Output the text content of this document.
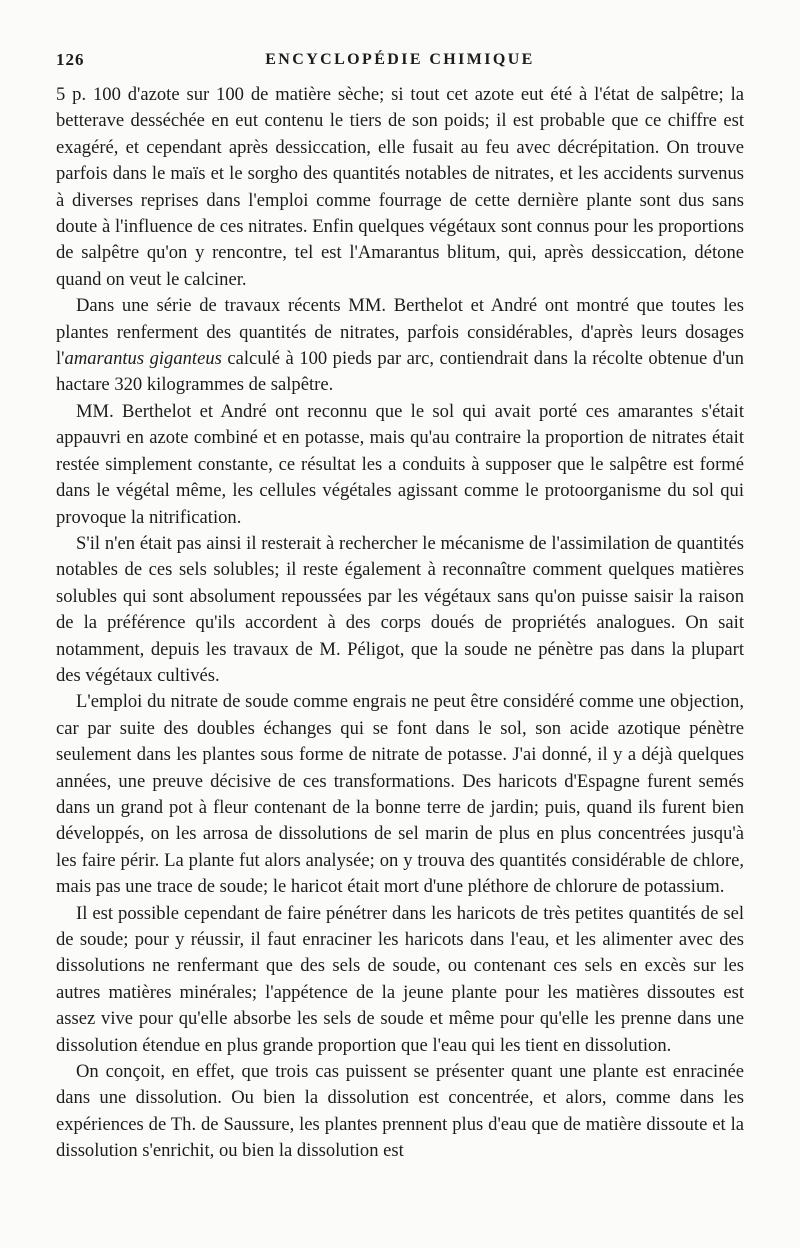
126	ENCYCLOPÉDIE CHIMIQUE

5 p. 100 d'azote sur 100 de matière sèche; si tout cet azote eut été à l'état de salpêtre; la betterave desséchée en eut contenu le tiers de son poids; il est probable que ce chiffre est exagéré, et cependant après dessiccation, elle fusait au feu avec décrépitation. On trouve parfois dans le maïs et le sorgho des quantités notables de nitrates, et les accidents survenus à diverses reprises dans l'emploi comme fourrage de cette dernière plante sont dus sans doute à l'influence de ces nitrates. Enfin quelques végétaux sont connus pour les proportions de salpêtre qu'on y rencontre, tel est l'Amarantus blitum, qui, après dessiccation, détone quand on veut le calciner.

Dans une série de travaux récents MM. Berthelot et André ont montré que toutes les plantes renferment des quantités de nitrates, parfois considérables, d'après leurs dosages l'amarantus giganteus calculé à 100 pieds par arc, contiendrait dans la récolte obtenue d'un hactare 320 kilogrammes de salpêtre.

MM. Berthelot et André ont reconnu que le sol qui avait porté ces amarantes s'était appauvri en azote combiné et en potasse, mais qu'au contraire la proportion de nitrates était restée simplement constante, ce résultat les a conduits à supposer que le salpêtre est formé dans le végétal même, les cellules végétales agissant comme le protoorganisme du sol qui provoque la nitrification.

S'il n'en était pas ainsi il resterait à rechercher le mécanisme de l'assimilation de quantités notables de ces sels solubles; il reste également à reconnaître comment quelques matières solubles qui sont absolument repoussées par les végétaux sans qu'on puisse saisir la raison de la préférence qu'ils accordent à des corps doués de propriétés analogues. On sait notamment, depuis les travaux de M. Péligot, que la soude ne pénètre pas dans la plupart des végétaux cultivés.

L'emploi du nitrate de soude comme engrais ne peut être considéré comme une objection, car par suite des doubles échanges qui se font dans le sol, son acide azotique pénètre seulement dans les plantes sous forme de nitrate de potasse. J'ai donné, il y a déjà quelques années, une preuve décisive de ces transformations. Des haricots d'Espagne furent semés dans un grand pot à fleur contenant de la bonne terre de jardin; puis, quand ils furent bien développés, on les arrosa de dissolutions de sel marin de plus en plus concentrées jusqu'à les faire périr. La plante fut alors analysée; on y trouva des quantités considérable de chlore, mais pas une trace de soude; le haricot était mort d'une pléthore de chlorure de potassium.

Il est possible cependant de faire pénétrer dans les haricots de très petites quantités de sel de soude; pour y réussir, il faut enraciner les haricots dans l'eau, et les alimenter avec des dissolutions ne renfermant que des sels de soude, ou contenant ces sels en excès sur les autres matières minérales; l'appétence de la jeune plante pour les matières dissoutes est assez vive pour qu'elle absorbe les sels de soude et même pour qu'elle les prenne dans une dissolution étendue en plus grande proportion que l'eau qui les tient en dissolution.

On conçoit, en effet, que trois cas puissent se présenter quant une plante est enracinée dans une dissolution. Ou bien la dissolution est concentrée, et alors, comme dans les expériences de Th. de Saussure, les plantes prennent plus d'eau que de matière dissoute et la dissolution s'enrichit, ou bien la dissolution est
